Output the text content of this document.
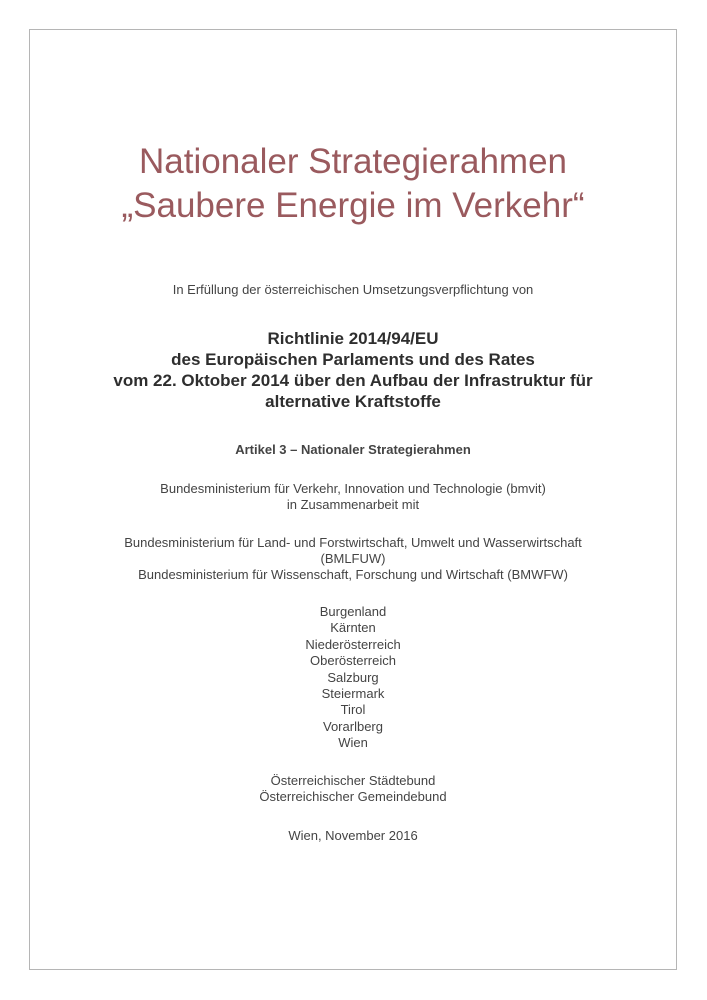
Nationaler Strategierahmen
„Saubere Energie im Verkehr“
In Erfüllung der österreichischen Umsetzungsverpflichtung von
Richtlinie 2014/94/EU
des Europäischen Parlaments und des Rates
vom 22. Oktober 2014 über den Aufbau der Infrastruktur für
alternative Kraftstoffe
Artikel 3 – Nationaler Strategierahmen
Bundesministerium für Verkehr, Innovation und Technologie (bmvit)
in Zusammenarbeit mit
Bundesministerium für Land- und Forstwirtschaft, Umwelt und Wasserwirtschaft
(BMLFUW)
Bundesministerium für Wissenschaft, Forschung und Wirtschaft (BMWFW)
Burgenland
Kärnten
Niederösterreich
Oberösterreich
Salzburg
Steiermark
Tirol
Vorarlberg
Wien
Österreichischer Städtebund
Österreichischer Gemeindebund
Wien, November 2016
